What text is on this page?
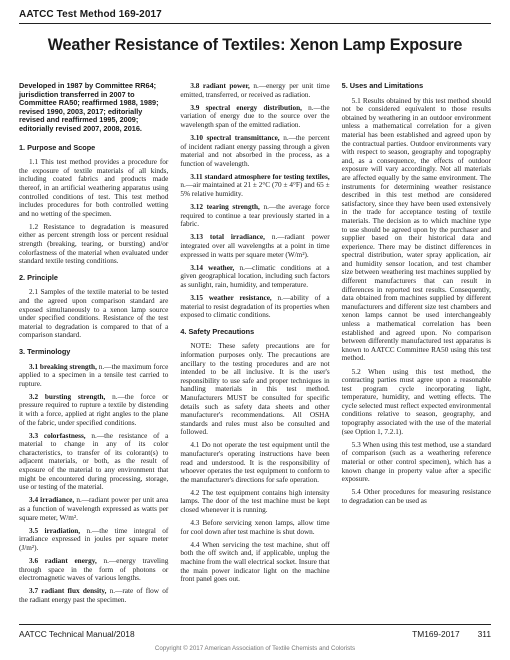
AATCC Test Method 169-2017
Weather Resistance of Textiles: Xenon Lamp Exposure

Developed in 1987 by Committee RR64; jurisdiction transferred in 2007 to Committee RA50; reaffirmed 1988, 1989; revised 1990, 2003, 2017; editorially revised and reaffirmed 1995, 2009; editorially revised 2007, 2008, 2016.

1. Purpose and Scope

1.1 This test method provides a procedure for the exposure of textile materials of all kinds, including coated fabrics and products made thereof, in an artificial weathering apparatus using controlled conditions of test. This test method includes procedures for both controlled wetting and no wetting of the specimen.

1.2 Resistance to degradation is measured either as percent strength loss or percent residual strength (breaking, tearing, or bursting) and/or colorfastness of the material when evaluated under standard textile testing conditions.

2. Principle

2.1 Samples of the textile material to be tested and the agreed upon comparison standard are exposed simultaneously to a xenon lamp source under specified conditions. Resistance of the test material to degradation is compared to that of a comparison standard.

3. Terminology

3.1 breaking strength, n.—the maximum force applied to a specimen in a tensile test carried to rupture.

3.2 bursting strength, n.—the force or pressure required to rupture a textile by distending it with a force, applied at right angles to the plane of the fabric, under specified conditions.

3.3 colorfastness, n.—the resistance of a material to change in any of its color characteristics, to transfer of its colorant(s) to adjacent materials, or both, as the result of exposure of the material to any environment that might be encountered during processing, storage, use or testing of the material.

3.4 irradiance, n.—radiant power per unit area as a function of wavelength expressed as watts per square meter, W/m².

3.5 irradiation, n.—the time integral of irradiance expressed in joules per square meter (J/m²).

3.6 radiant energy, n.—energy traveling through space in the form of photons or electromagnetic waves of various lengths.

3.7 radiant flux density, n.—rate of flow of the radiant energy past the specimen.

3.8 radiant power, n.—energy per unit time emitted, transferred, or received as radiation.

3.9 spectral energy distribution, n.—the variation of energy due to the source over the wavelength span of the emitted radiation.

3.10 spectral transmittance, n.—the percent of incident radiant energy passing through a given material and not absorbed in the process, as a function of wavelength.

3.11 standard atmosphere for testing textiles, n.—air maintained at 21 ± 2°C (70 ± 4°F) and 65 ± 5% relative humidity.

3.12 tearing strength, n.—the average force required to continue a tear previously started in a fabric.

3.13 total irradiance, n.—radiant power integrated over all wavelengths at a point in time expressed in watts per square meter (W/m²).

3.14 weather, n.—climatic conditions at a given geographical location, including such factors as sunlight, rain, humidity, and temperature.

3.15 weather resistance, n.—ability of a material to resist degradation of its properties when exposed to climatic conditions.

4. Safety Precautions

NOTE: These safety precautions are for information purposes only. The precautions are ancillary to the testing procedures and are not intended to be all inclusive. It is the user's responsibility to use safe and proper techniques in handling materials in this test method. Manufacturers MUST be consulted for specific details such as safety data sheets and other manufacturer's recommendations. All OSHA standards and rules must also be consulted and followed.

4.1 Do not operate the test equipment until the manufacturer's operating instructions have been read and understood. It is the responsibility of whoever operates the test equipment to conform to the manufacturer's directions for safe operation.

4.2 The test equipment contains high intensity lamps. The door of the test machine must be kept closed whenever it is running.

4.3 Before servicing xenon lamps, allow time for cool down after test machine is shut down.

4.4 When servicing the test machine, shut off both the off switch and, if applicable, unplug the machine from the wall electrical socket. Insure that the main power indicator light on the machine front panel goes out.

5. Uses and Limitations

5.1 Results obtained by this test method should not be considered equivalent to those results obtained by weathering in an outdoor environment unless a mathematical correlation for a given material has been established and agreed upon by the contractual parties. Outdoor environments vary with respect to season, geography and topography and, as a consequence, the effects of outdoor exposure will vary accordingly. Not all materials are affected equally by the same environment. The instruments for determining weather resistance described in this test method are considered satisfactory, since they have been used extensively in the trade for acceptance testing of textile materials. The decision as to which machine type to use should be agreed upon by the purchaser and supplier based on their historical data and experience. There may be distinct differences in spectral distribution, water spray application, air and humidity sensor location, and test chamber size between weathering test machines supplied by different manufacturers that can result in differences in reported test results. Consequently, data obtained from machines supplied by different manufacturers and different size test chambers and xenon lamps cannot be used interchangeably unless a mathematical correlation has been established and agreed upon. No comparison between differently manufactured test apparatus is known to AATCC Committee RA50 using this test method.

5.2 When using this test method, the contracting parties must agree upon a reasonable test program cycle incorporating light, temperature, humidity, and wetting effects. The cycle selected must reflect expected environmental conditions relative to season, geography, and topography associated with the use of the material (see Option 1, 7.2.1).

5.3 When using this test method, use a standard of comparison (such as a weathering reference material or other control specimen), which has a known change in property value after a specific exposure.

5.4 Other procedures for measuring resistance to degradation can be used as

AATCC Technical Manual/2018	TM169-2017 311
Copyright © 2017 American Association of Textile Chemists and Colorists
